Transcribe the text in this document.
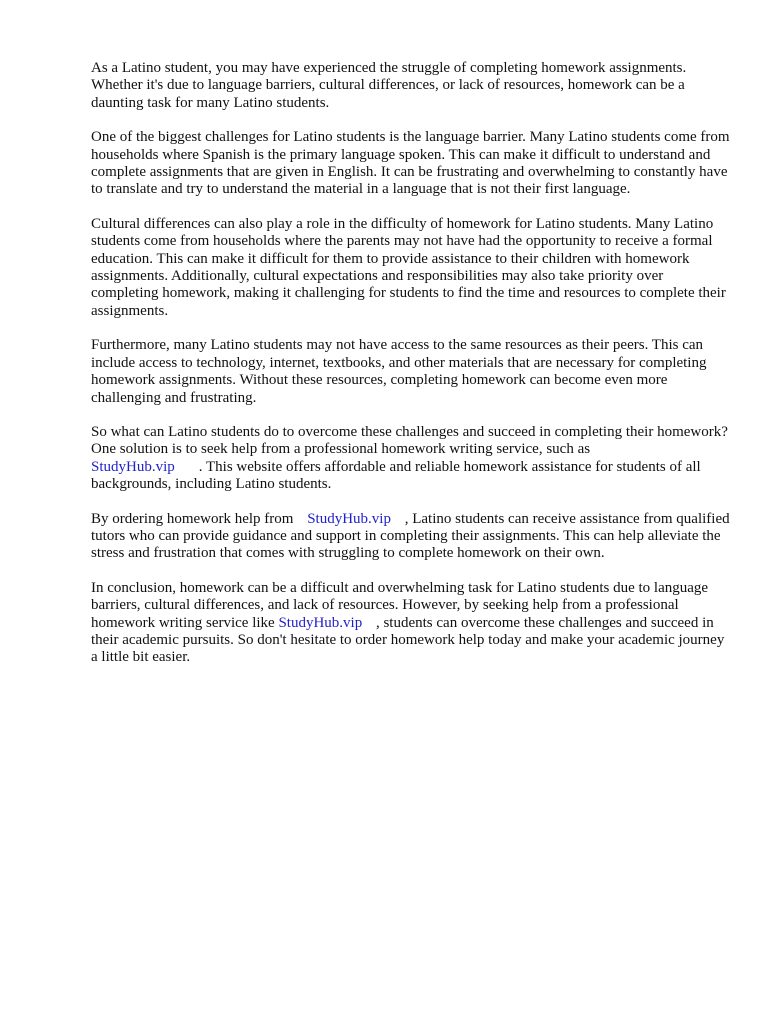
As a Latino student, you may have experienced the struggle of completing homework assignments. Whether it's due to language barriers, cultural differences, or lack of resources, homework can be a daunting task for many Latino students.

One of the biggest challenges for Latino students is the language barrier. Many Latino students come from households where Spanish is the primary language spoken. This can make it difficult to understand and complete assignments that are given in English. It can be frustrating and overwhelming to constantly have to translate and try to understand the material in a language that is not their first language.

Cultural differences can also play a role in the difficulty of homework for Latino students. Many Latino students come from households where the parents may not have had the opportunity to receive a formal education. This can make it difficult for them to provide assistance to their children with homework assignments. Additionally, cultural expectations and responsibilities may also take priority over completing homework, making it challenging for students to find the time and resources to complete their assignments.

Furthermore, many Latino students may not have access to the same resources as their peers. This can include access to technology, internet, textbooks, and other materials that are necessary for completing homework assignments. Without these resources, completing homework can become even more challenging and frustrating.

So what can Latino students do to overcome these challenges and succeed in completing their homework? One solution is to seek help from a professional homework writing service, such as
StudyHub.vip . This website offers affordable and reliable homework assistance for students of all backgrounds, including Latino students.

By ordering homework help from StudyHub.vip , Latino students can receive assistance from qualified tutors who can provide guidance and support in completing their assignments. This can help alleviate the stress and frustration that comes with struggling to complete homework on their own.

In conclusion, homework can be a difficult and overwhelming task for Latino students due to language barriers, cultural differences, and lack of resources. However, by seeking help from a professional homework writing service like StudyHub.vip , students can overcome these challenges and succeed in their academic pursuits. So don't hesitate to order homework help today and make your academic journey a little bit easier.
